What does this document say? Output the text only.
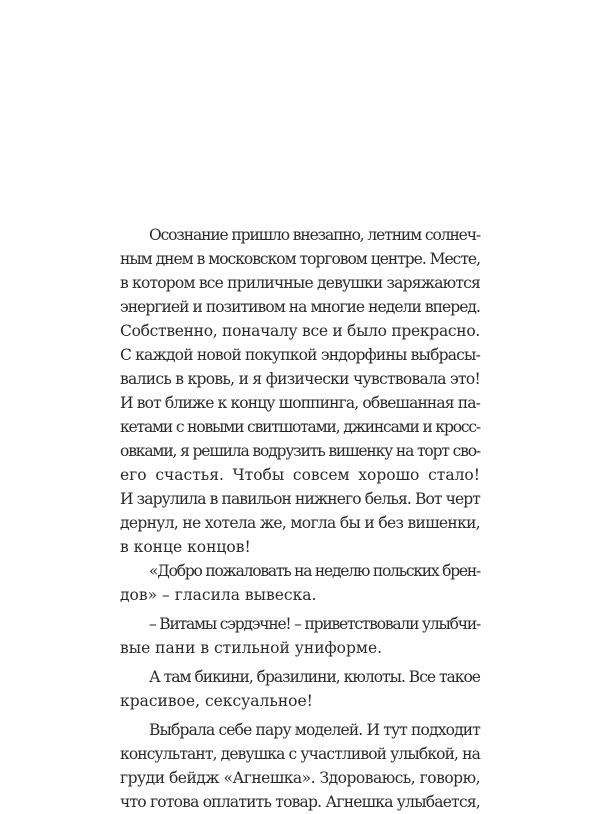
Осознание пришло внезапно, летним солнеч-
ным днем в московском торговом центре. Месте,
в котором все приличные девушки заряжаются
энергией и позитивом на многие недели вперед.
Собственно, поначалу все и было прекрасно.
С каждой новой покупкой эндорфины выбрасы-
вались в кровь, и я физически чувствовала это!
И вот ближе к концу шоппинга, обвешанная па-
кетами с новыми свитшотами, джинсами и кросс-
овками, я решила водрузить вишенку на торт сво-
его счастья. Чтобы совсем хорошо стало!
И зарулила в павильон нижнего белья. Вот черт
дернул, не хотела же, могла бы и без вишенки,
в конце концов!
«Добро пожаловать на неделю польских брен-
дов» – гласила вывеска.
– Витамы сэрдэчне! – приветствовали улыбчи-
вые пани в стильной униформе.
А там бикини, бразилини, кюлоты. Все такое
красивое, сексуальное!
Выбрала себе пару моделей. И тут подходит
консультант, девушка с участливой улыбкой, на
груди бейдж «Агнешка». Здороваюсь, говорю,
что готова оплатить товар. Агнешка улыбается,
